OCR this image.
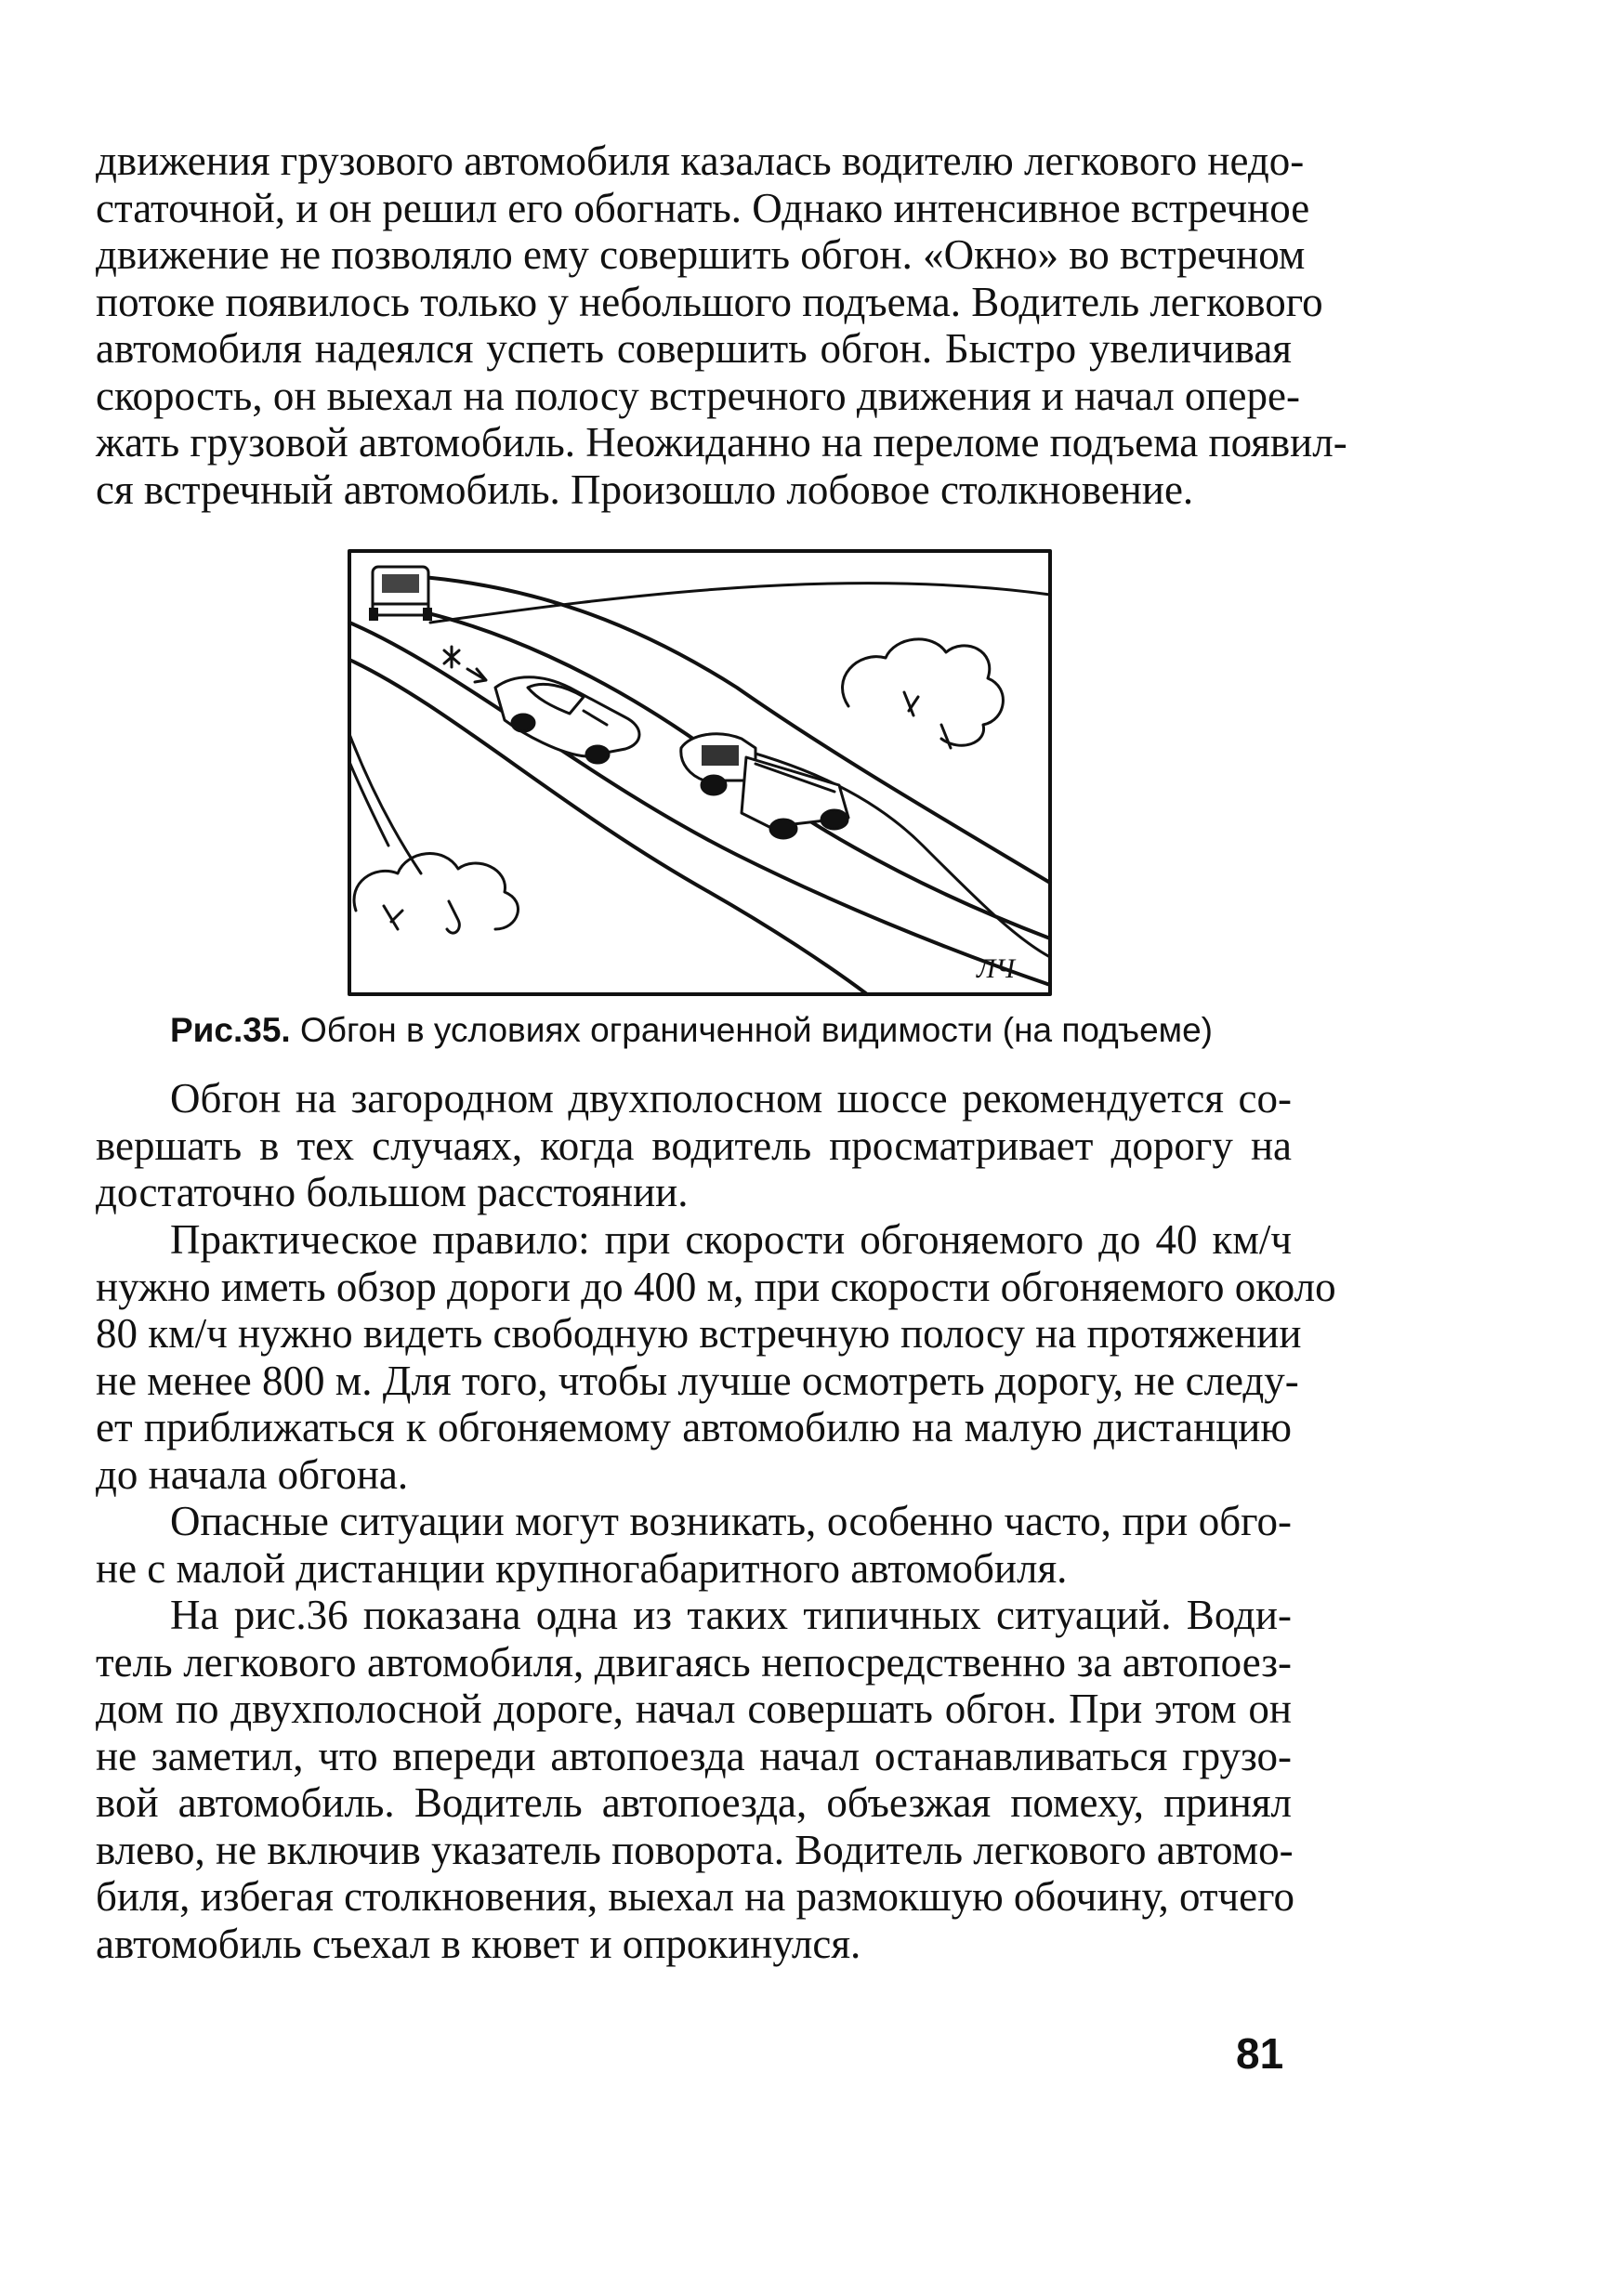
движения грузового автомобиля казалась водителю легкового недо-
статочной, и он решил его обогнать. Однако интенсивное встречное
движение не позволяло ему совершить обгон. «Окно» во встречном
потоке появилось только у небольшого подъема. Водитель легкового
автомобиля надеялся успеть совершить обгон. Быстро увеличивая
скорость, он выехал на полосу встречного движения и начал опере-
жать грузовой автомобиль. Неожиданно на переломе подъема появил-
ся встречный автомобиль. Произошло лобовое столкновение.
ЛЧ
Рис.35. Обгон в условиях ограниченной видимости (на подъеме)
Обгон на загородном двухполосном шоссе рекомендуется со-
вершать в тех случаях, когда водитель просматривает дорогу на
достаточно большом расстоянии.
Практическое правило: при скорости обгоняемого до 40 км/ч
нужно иметь обзор дороги до 400 м, при скорости обгоняемого около
80 км/ч нужно видеть свободную встречную полосу на протяжении
не менее 800 м. Для того, чтобы лучше осмотреть дорогу, не следу-
ет приближаться к обгоняемому автомобилю на малую дистанцию
до начала обгона.
Опасные ситуации могут возникать, особенно часто, при обго-
не с малой дистанции крупногабаритного автомобиля.
На рис.36 показана одна из таких типичных ситуаций. Води-
тель легкового автомобиля, двигаясь непосредственно за автопоез-
дом по двухполосной дороге, начал совершать обгон. При этом он
не заметил, что впереди автопоезда начал останавливаться грузо-
вой автомобиль. Водитель автопоезда, объезжая помеху, принял
влево, не включив указатель поворота. Водитель легкового автомо-
биля, избегая столкновения, выехал на размокшую обочину, отчего
автомобиль съехал в кювет и опрокинулся.
81
